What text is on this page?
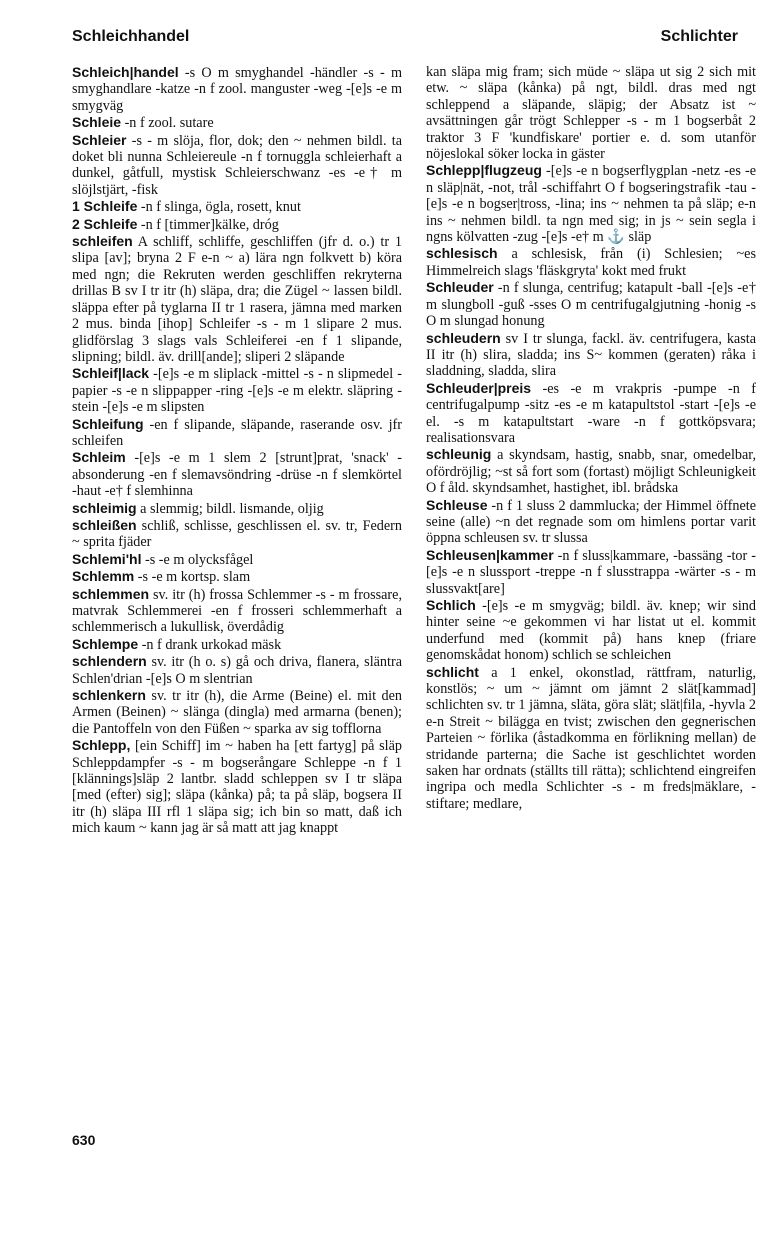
Schleichhandel	Schlichter

Schleich|handel -s O m smyghandel -händler -s - m smyghandlare -katze -n f zool. manguster -weg -[e]s -e m smygväg

Schleie -n f zool. sutare

Schleier -s - m slöja, flor, dok; den ~ nehmen bildl. ta doket bli nunna Schleiereule -n f tornuggla schleierhaft a dunkel, gåtfull, mystisk Schleierschwanz -es -e† m slöjlstjärt, -fisk

1 Schleife -n f slinga, ögla, rosett, knut

2 Schleife -n f [timmer]kälke, dróg

schleifen A schliff, schliffe, geschliffen (jfr d. o.) tr 1 slipa [av]; bryna 2 F e-n ~ a) lära ngn folkvett b) köra med ngn; die Rekruten werden geschliffen rekryterna drillas B sv I tr itr (h) släpa, dra; die Zügel ~ lassen bildl. släppa efter på tyglarna II tr 1 rasera, jämna med marken 2 mus. binda [ihop] Schleifer -s - m 1 slipare 2 mus. glidförslag 3 slags vals Schleiferei -en f 1 slipande, slipning; bildl. äv. drill[ande]; sliperi 2 släpande

Schleif|lack -[e]s -e m sliplack -mittel -s - n slipmedel -papier -s -e n slippapper -ring -[e]s -e m elektr. släpring -stein -[e]s -e m slipsten

Schleifung -en f slipande, släpande, raserande osv. jfr schleifen

Schleim -[e]s -e m 1 slem 2 [strunt]prat, 'snack' -absonderung -en f slemavsöndring -drüse -n f slemkörtel -haut -e† f slemhinna

schleimig a slemmig; bildl. lismande, oljig

schleißen schliß, schlisse, geschlissen el. sv. tr, Federn ~ sprita fjäder

Schlemi'hl -s -e m olycksfågel

Schlemm -s -e m kortsp. slam

schlemmen sv. itr (h) frossa Schlemmer -s - m frossare, matvrak Schlemmerei -en f frosseri schlemmerhaft a schlemmerisch a lukullisk, överdådig

Schlempe -n f drank urkokad mäsk

schlendern sv. itr (h o. s) gå och driva, flanera, släntra Schlen'drian -[e]s O m slentrian

schlenkern sv. tr itr (h), die Arme (Beine) el. mit den Armen (Beinen) ~ slänga (dingla) med armarna (benen); die Pantoffeln von den Füßen ~ sparka av sig tofflorna

Schlepp, [ein Schiff] im ~ haben ha [ett fartyg] på släp Schleppdampfer -s - m bogserångare Schleppe -n f 1 [klännings]släp 2 lantbr. sladd schleppen sv I tr släpa [med (efter) sig]; släpa (kånka) på; ta på släp, bogsera II itr (h) släpa III rfl 1 släpa sig; ich bin so matt, daß ich mich kaum ~ kann jag är så matt att jag knappt

kan släpa mig fram; sich müde ~ släpa ut sig 2 sich mit etw. ~ släpa (kånka) på ngt, bildl. dras med ngt schleppend a släpande, släpig; der Absatz ist ~ avsättningen går trögt Schlepper -s - m 1 bogserbåt 2 traktor 3 F 'kundfiskare' portier e. d. som utanför nöjeslokal söker locka in gäster

Schlepp|flugzeug -[e]s -e n bogserflygplan -netz -es -e n släp|nät, -not, trål -schiffahrt O f bogseringstrafik -tau -[e]s -e n bogser|tross, -lina; ins ~ nehmen ta på släp; e-n ins ~ nehmen bildl. ta ngn med sig; in js ~ sein segla i ngns kölvatten -zug -[e]s -e† m ⚓ släp

schlesisch a schlesisk, från (i) Schlesien; ~es Himmelreich slags 'fläskgryta' kokt med frukt

Schleuder -n f slunga, centrifug; katapult -ball -[e]s -e† m slungboll -guß -sses O m centrifugalgjutning -honig -s O m slungad honung

schleudern sv I tr slunga, fackl. äv. centrifugera, kasta II itr (h) slira, sladda; ins S~ kommen (geraten) råka i sladdning, sladda, slira

Schleuder|preis -es -e m vrakpris -pumpe -n f centrifugalpump -sitz -es -e m katapultstol -start -[e]s -e el. -s m katapultstart -ware -n f gottköpsvara; realisationsvara

schleunig a skyndsam, hastig, snabb, snar, omedelbar, ofördröjlig; ~st så fort som (fortast) möjligt Schleunigkeit O f åld. skyndsamhet, hastighet, ibl. brådska

Schleuse -n f 1 sluss 2 dammlucka; der Himmel öffnete seine (alle) ~n det regnade som om himlens portar varit öppna schleusen sv. tr slussa

Schleusen|kammer -n f sluss|kammare, -bassäng -tor -[e]s -e n slussport -treppe -n f slusstrappa -wärter -s - m slussvakt[are]

Schlich -[e]s -e m smygväg; bildl. äv. knep; wir sind hinter seine ~e gekommen vi har listat ut el. kommit underfund med (kommit på) hans knep (friare genomskådat honom) schlich se schleichen

schlicht a 1 enkel, okonstlad, rättfram, naturlig, konstlös; ~ um ~ jämnt om jämnt 2 slät[kammad] schlichten sv. tr 1 jämna, släta, göra slät; slät|fila, -hyvla 2 e-n Streit ~ bilägga en tvist; zwischen den gegnerischen Parteien ~ förlika (åstadkomma en förlikning mellan) de stridande parterna; die Sache ist geschlichtet worden saken har ordnats (ställts till rätta); schlichtend eingreifen ingripa och medla Schlichter -s - m freds|mäklare, -stiftare; medlare,

630
